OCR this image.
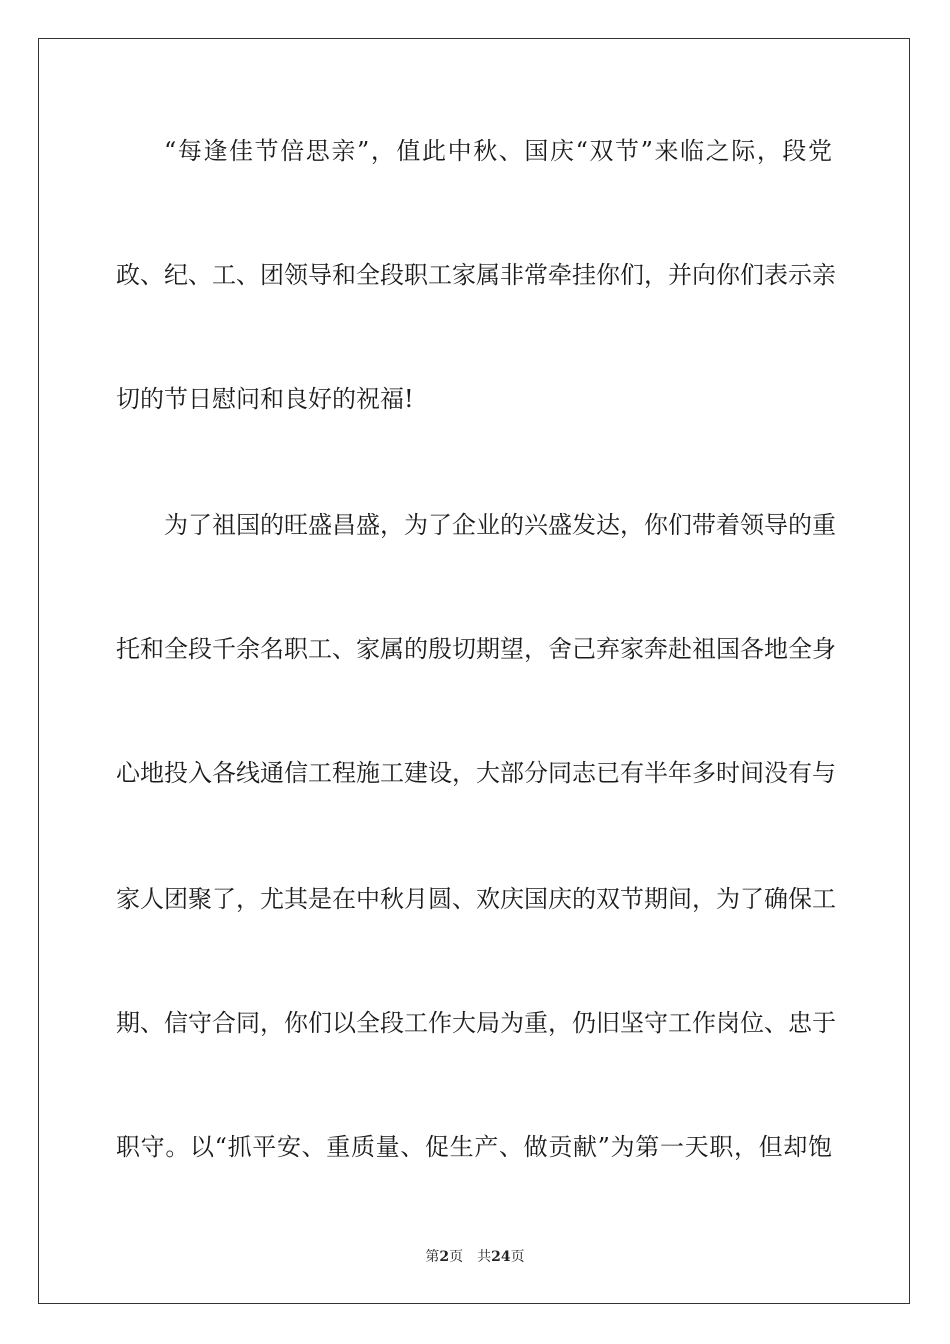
“每逢佳节倍思亲”，值此中秋、国庆“双节”来临之际，段党
政、纪、工、团领导和全段职工家属非常牵挂你们，并向你们表示亲
切的节日慰问和良好的祝福!
为了祖国的旺盛昌盛，为了企业的兴盛发达，你们带着领导的重
托和全段千余名职工、家属的殷切期望，舍己弃家奔赴祖国各地全身
心地投入各线通信工程施工建设，大部分同志已有半年多时间没有与
家人团聚了，尤其是在中秋月圆、欢庆国庆的双节期间，为了确保工
期、信守合同，你们以全段工作大局为重，仍旧坚守工作岗位、忠于
职守。以“抓平安、重质量、促生产、做贡献”为第一天职，但却饱
第2页 共24页
